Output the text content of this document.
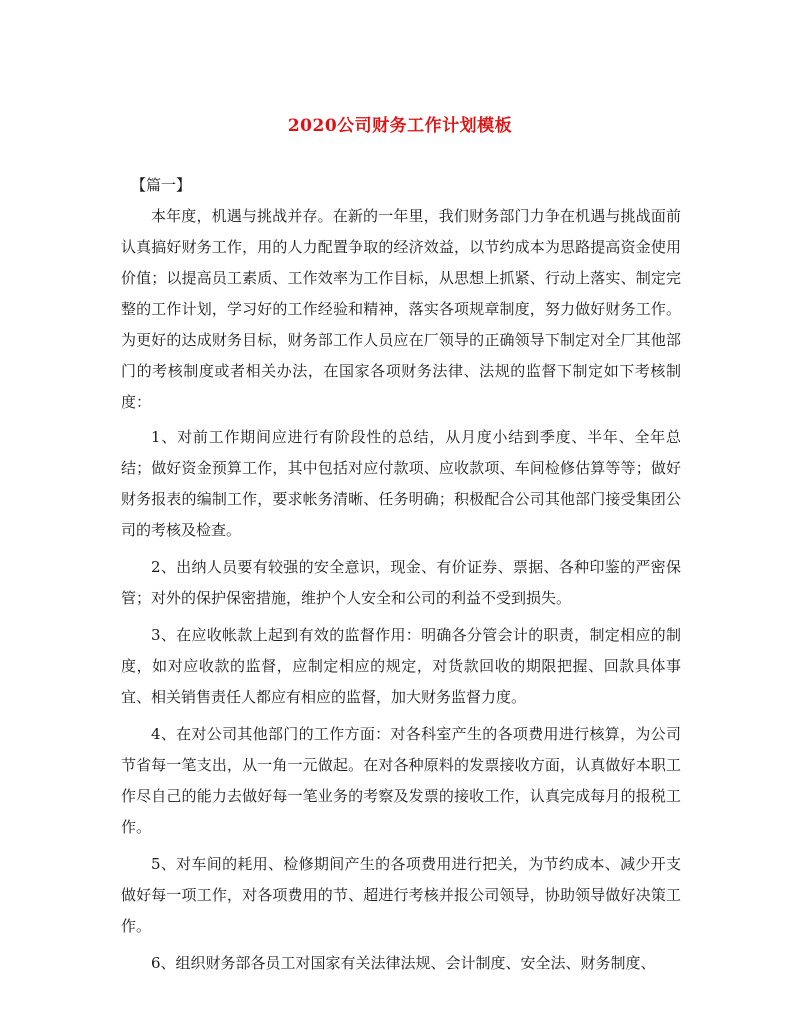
2020公司财务工作计划模板

【篇一】

本年度，机遇与挑战并存。在新的一年里，我们财务部门力争在机遇与挑战面前认真搞好财务工作，用的人力配置争取的经济效益，以节约成本为思路提高资金使用价值；以提高员工素质、工作效率为工作目标，从思想上抓紧、行动上落实、制定完整的工作计划，学习好的工作经验和精神，落实各项规章制度，努力做好财务工作。为更好的达成财务目标，财务部工作人员应在厂领导的正确领导下制定对全厂其他部门的考核制度或者相关办法，在国家各项财务法律、法规的监督下制定如下考核制度：

1、对前工作期间应进行有阶段性的总结，从月度小结到季度、半年、全年总结；做好资金预算工作，其中包括对应付款项、应收款项、车间检修估算等等；做好财务报表的编制工作，要求帐务清晰、任务明确；积极配合公司其他部门接受集团公司的考核及检查。

2、出纳人员要有较强的安全意识，现金、有价证券、票据、各种印鉴的严密保管；对外的保护保密措施，维护个人安全和公司的利益不受到损失。

3、在应收帐款上起到有效的监督作用：明确各分管会计的职责，制定相应的制度，如对应收款的监督，应制定相应的规定，对货款回收的期限把握、回款具体事宜、相关销售责任人都应有相应的监督，加大财务监督力度。

4、在对公司其他部门的工作方面：对各科室产生的各项费用进行核算，为公司节省每一笔支出，从一角一元做起。在对各种原料的发票接收方面，认真做好本职工作尽自己的能力去做好每一笔业务的考察及发票的接收工作，认真完成每月的报税工作。

5、对车间的耗用、检修期间产生的各项费用进行把关，为节约成本、减少开支做好每一项工作，对各项费用的节、超进行考核并报公司领导，协助领导做好决策工作。

6、组织财务部各员工对国家有关法律法规、会计制度、安全法、财务制度、
